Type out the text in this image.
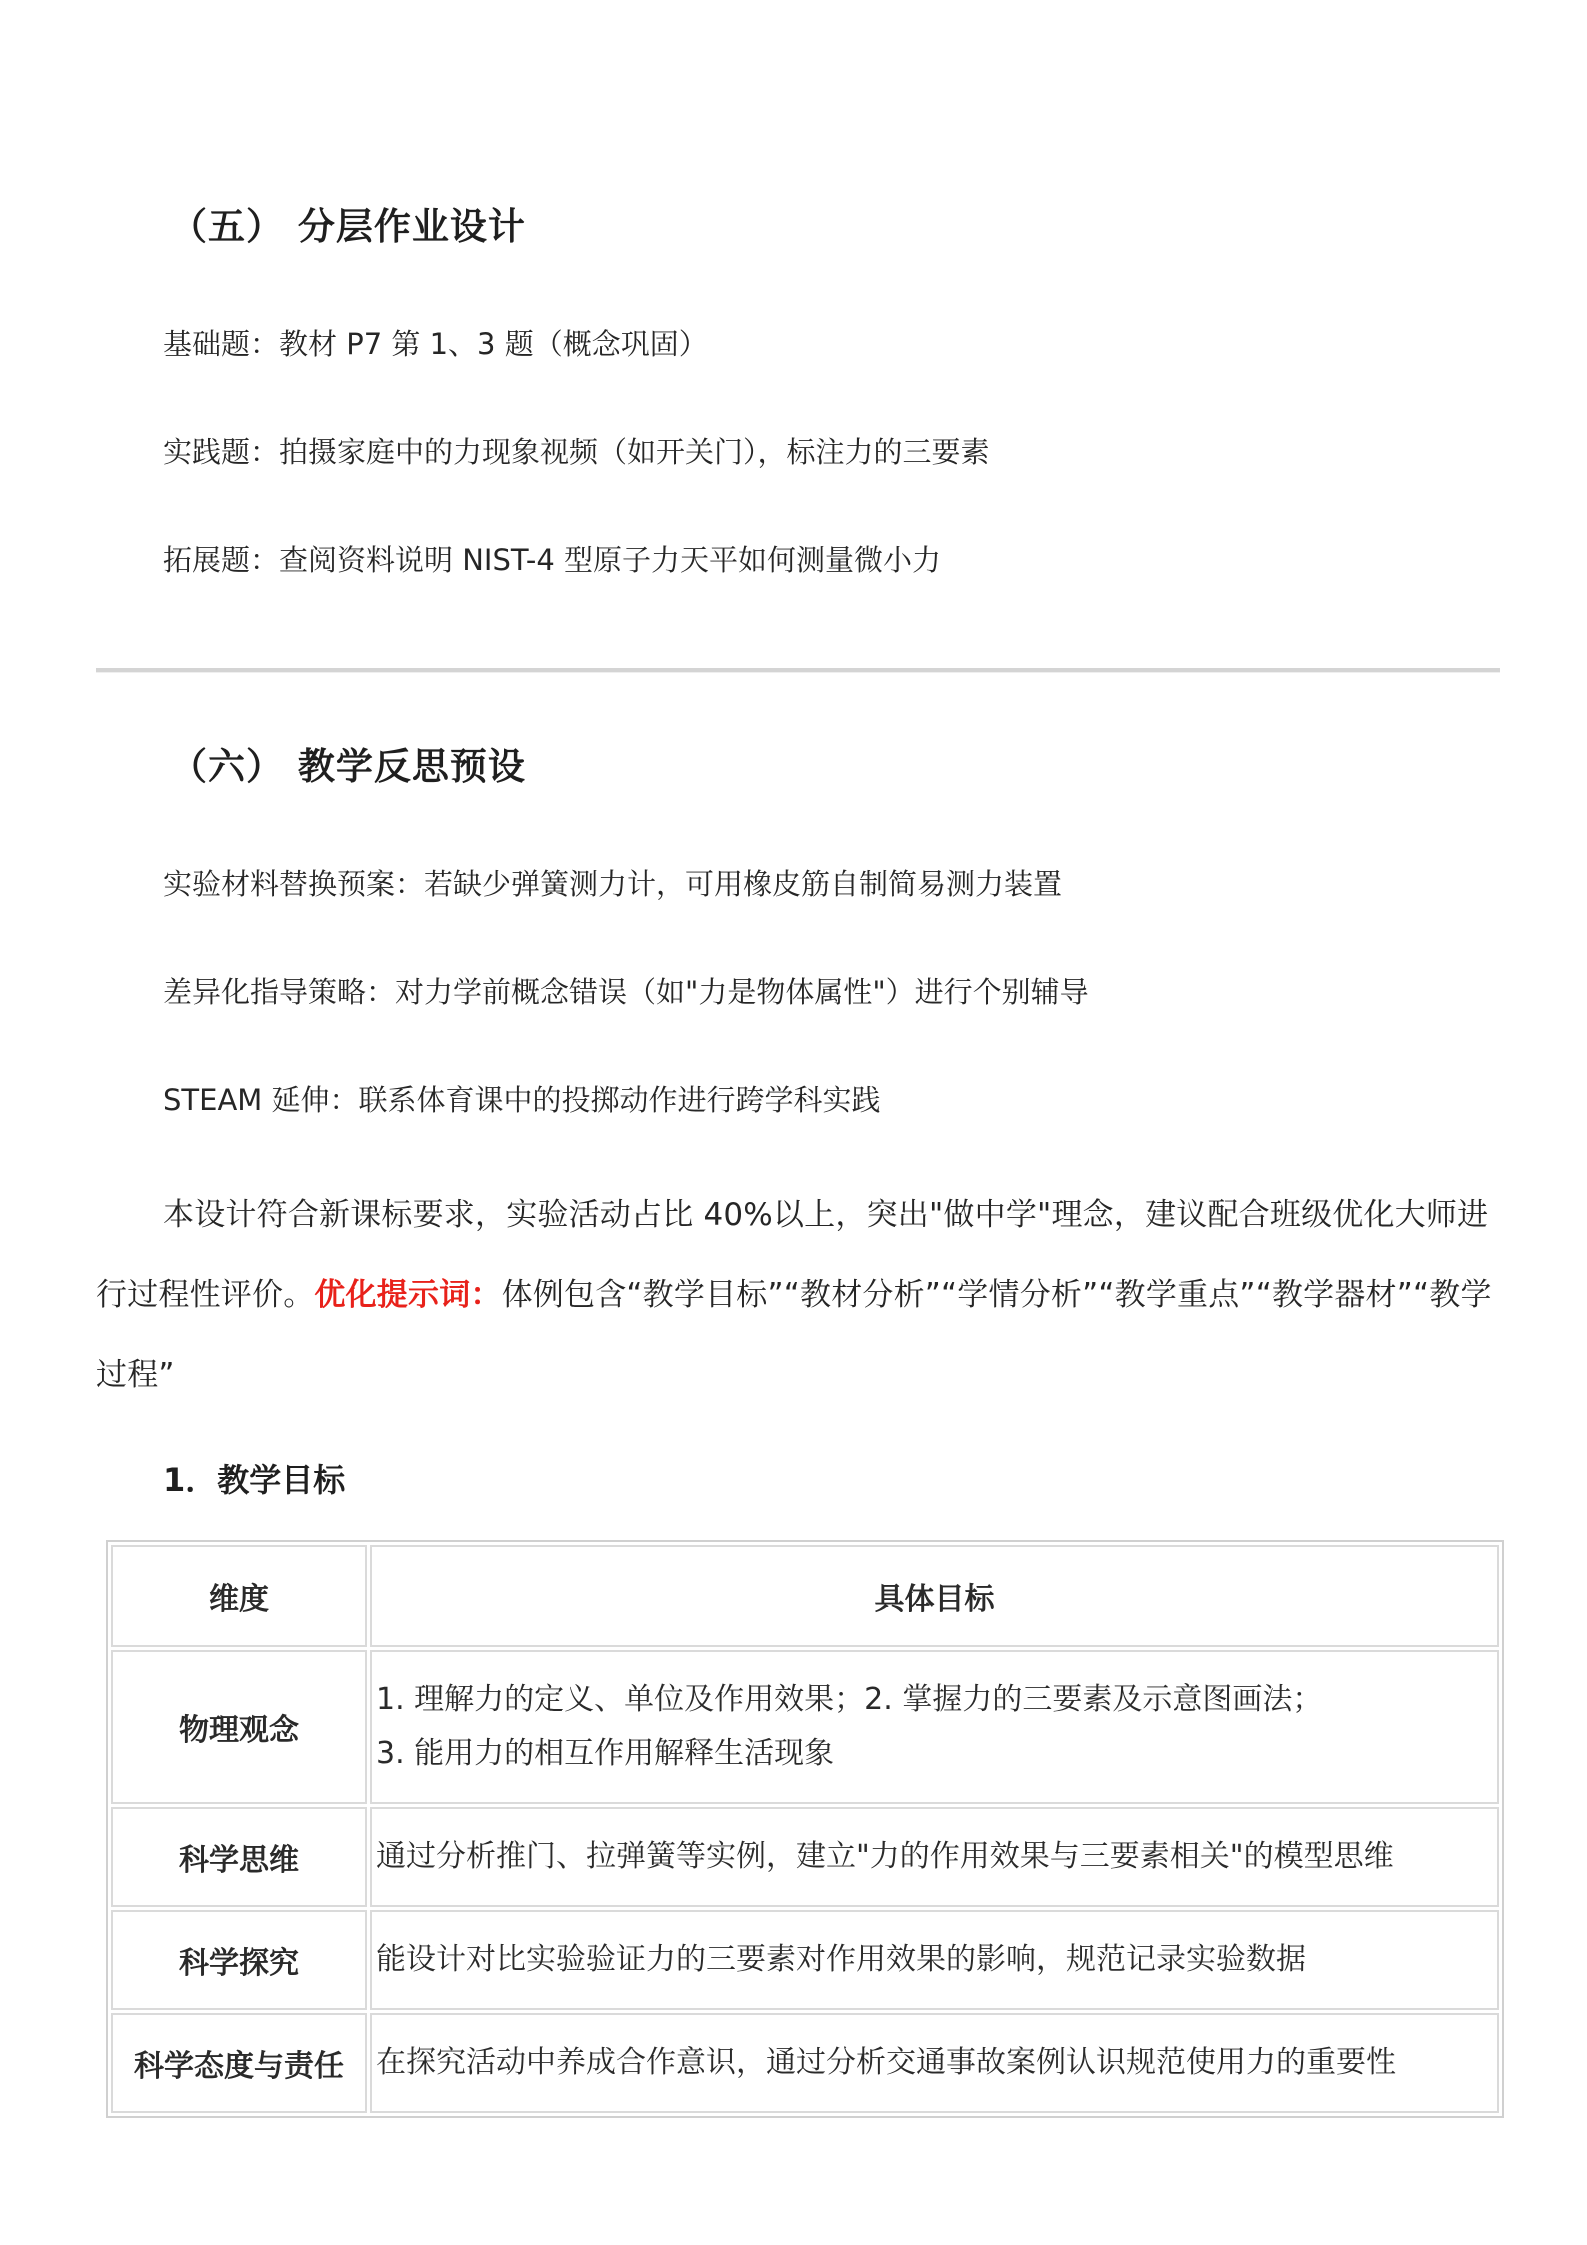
（五） 分层作业设计

基础题：教材 P7 第 1、3 题（概念巩固）

实践题：拍摄家庭中的力现象视频（如开关门），标注力的三要素

拓展题：查阅资料说明 NIST-4 型原子力天平如何测量微小力

（六） 教学反思预设

实验材料替换预案：若缺少弹簧测力计，可用橡皮筋自制简易测力装置

差异化指导策略：对力学前概念错误（如"力是物体属性"）进行个别辅导

STEAM 延伸：联系体育课中的投掷动作进行跨学科实践

本设计符合新课标要求，实验活动占比 40%以上，突出"做中学"理念，建议配合班级优化大师进行过程性评价。优化提示词：体例包含“教学目标”“教材分析”“学情分析”“教学重点”“教学器材”“教学过程”

1．教学目标
维度	具体目标
物理观念	1. 理解力的定义、单位及作用效果；2. 掌握力的三要素及示意图画法；
3. 能用力的相互作用解释生活现象

科学思维	通过分析推门、拉弹簧等实例，建立"力的作用效果与三要素相关"的模型思维
科学探究	能设计对比实验验证力的三要素对作用效果的影响，规范记录实验数据
科学态度与责任	在探究活动中养成合作意识，通过分析交通事故案例认识规范使用力的重要性
